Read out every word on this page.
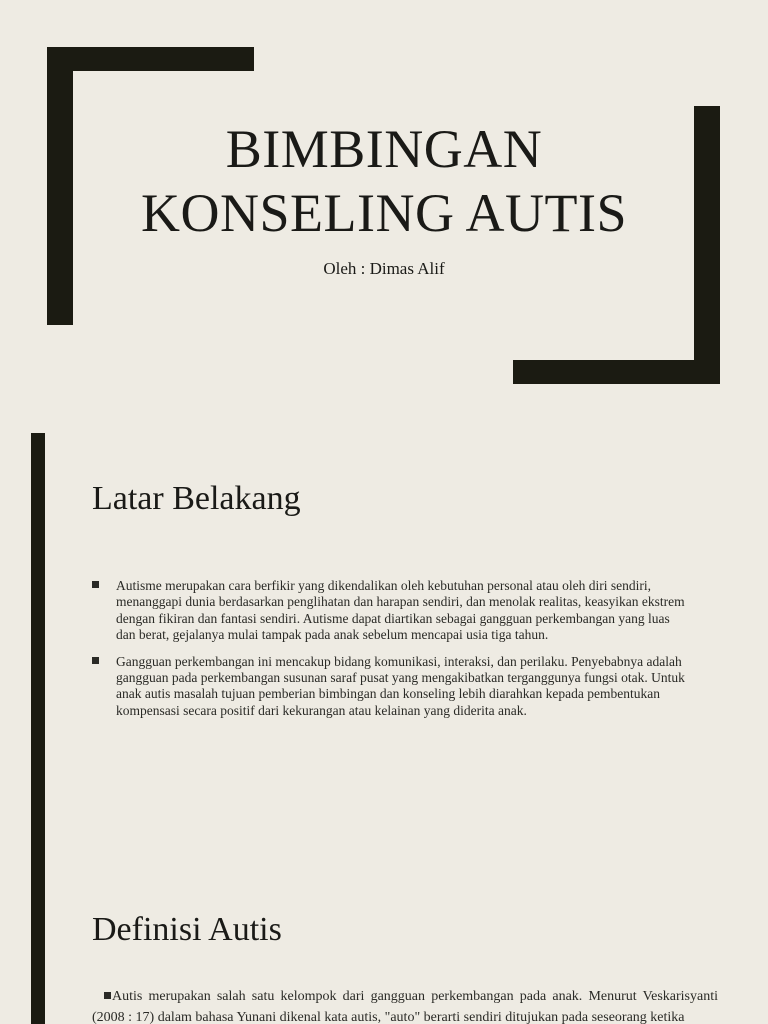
BIMBINGAN
KONSELING AUTIS
Oleh : Dimas Alif
Latar Belakang
Autisme merupakan cara berfikir yang dikendalikan oleh kebutuhan personal atau oleh diri sendiri, menanggapi dunia berdasarkan penglihatan dan harapan sendiri, dan menolak realitas, keasyikan ekstrem dengan fikiran dan fantasi sendiri. Autisme dapat diartikan sebagai gangguan perkembangan yang luas dan berat, gejalanya mulai tampak pada anak sebelum mencapai usia tiga tahun.
Gangguan perkembangan ini mencakup bidang komunikasi, interaksi, dan perilaku. Penyebabnya adalah gangguan pada perkembangan susunan saraf pusat yang mengakibatkan terganggunya fungsi otak. Untuk anak autis masalah tujuan pemberian bimbingan dan konseling lebih diarahkan kepada pembentukan kompensasi secara positif dari kekurangan atau kelainan yang diderita anak.
Definisi Autis
Autis merupakan salah satu kelompok dari gangguan perkembangan pada anak. Menurut Veskarisyanti (2008 : 17) dalam bahasa Yunani dikenal kata autis, "auto" berarti sendiri ditujukan pada seseorang ketika
